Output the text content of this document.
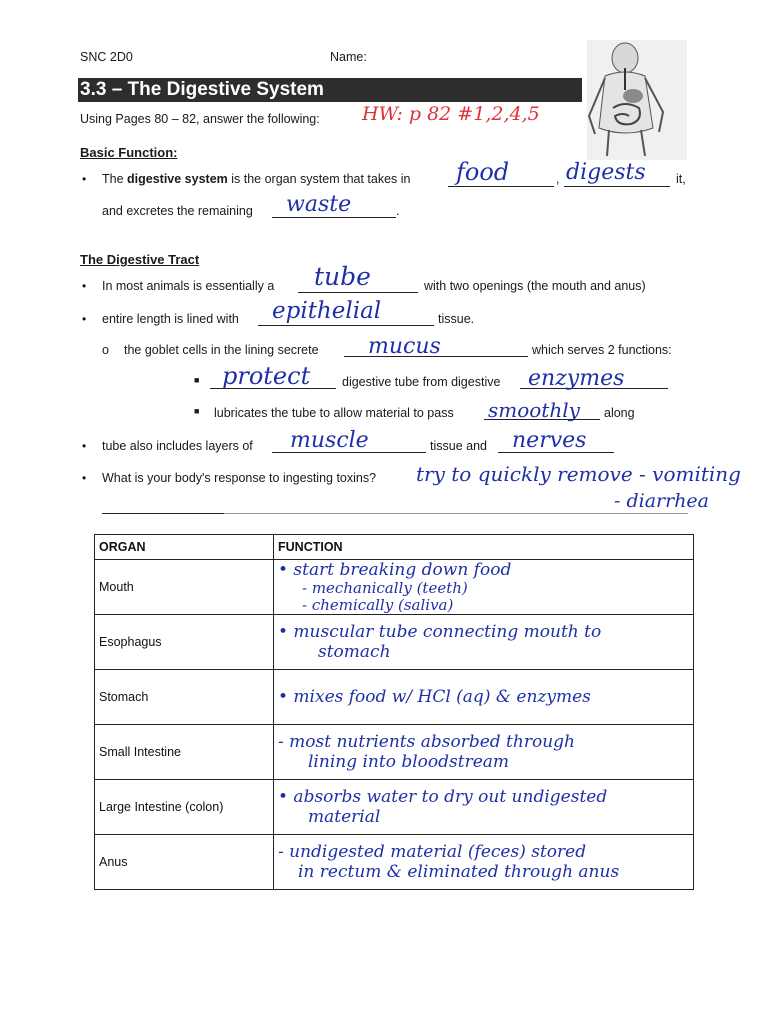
SNC 2D0	Name:
3.3 – The Digestive System
Using Pages 80 – 82, answer the following: HW: p 82 #1,2,4,5
Basic Function:
• The digestive system is the organ system that takes in food	, digests it,
and excretes the remaining waste	.
The Digestive Tract
• In most animals is essentially a tube	with two openings (the mouth and anus)
• entire length is lined with epithelial	tissue.
o the goblet cells in the lining secrete mucus	which serves 2 functions:
■ protect	digestive tube from digestive enzymes
■ lubricates the tube to allow material to pass smoothly along
• tube also includes layers of muscle	tissue and nerves
• What is your body's response to ingesting toxins? try to quickly remove - vomiting
- diarrhea
ORGAN	FUNCTION
Mouth	• start breaking down food
- mechanically (teeth)
- chemically (saliva)

Esophagus	• muscular tube connecting mouth to
stomach

Stomach	• mixes food w/ HCl (aq) & enzymes

Small Intestine	- most nutrients absorbed through
lining into bloodstream

Large Intestine (colon)	• absorbs water to dry out undigested
material

Anus	- undigested material (feces) stored
in rectum & eliminated through anus
